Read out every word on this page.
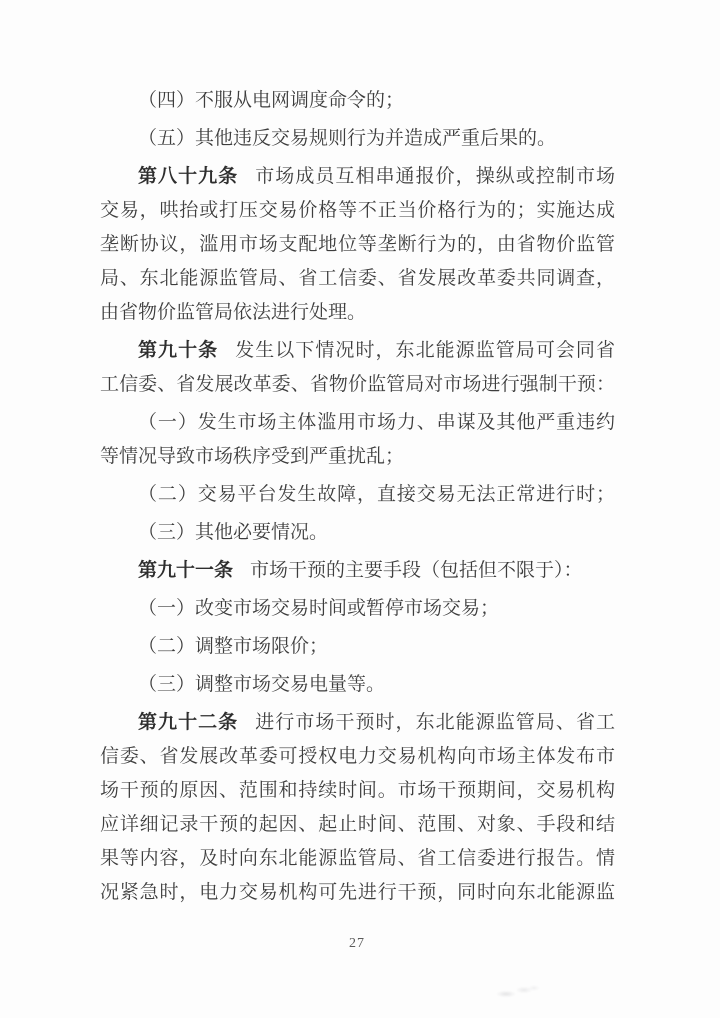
（四）不服从电网调度命令的；
（五）其他违反交易规则行为并造成严重后果的。
第八十九条 市场成员互相串通报价，操纵或控制市场
交易，哄抬或打压交易价格等不正当价格行为的；实施达成
垄断协议，滥用市场支配地位等垄断行为的，由省物价监管
局、东北能源监管局、省工信委、省发展改革委共同调查，
由省物价监管局依法进行处理。
第九十条 发生以下情况时，东北能源监管局可会同省
工信委、省发展改革委、省物价监管局对市场进行强制干预：
（一）发生市场主体滥用市场力、串谋及其他严重违约
等情况导致市场秩序受到严重扰乱；
（二）交易平台发生故障，直接交易无法正常进行时；
（三）其他必要情况。
第九十一条 市场干预的主要手段（包括但不限于）：
（一）改变市场交易时间或暂停市场交易；
（二）调整市场限价；
（三）调整市场交易电量等。
第九十二条 进行市场干预时，东北能源监管局、省工
信委、省发展改革委可授权电力交易机构向市场主体发布市
场干预的原因、范围和持续时间。市场干预期间，交易机构
应详细记录干预的起因、起止时间、范围、对象、手段和结
果等内容，及时向东北能源监管局、省工信委进行报告。情
况紧急时，电力交易机构可先进行干预，同时向东北能源监
27
